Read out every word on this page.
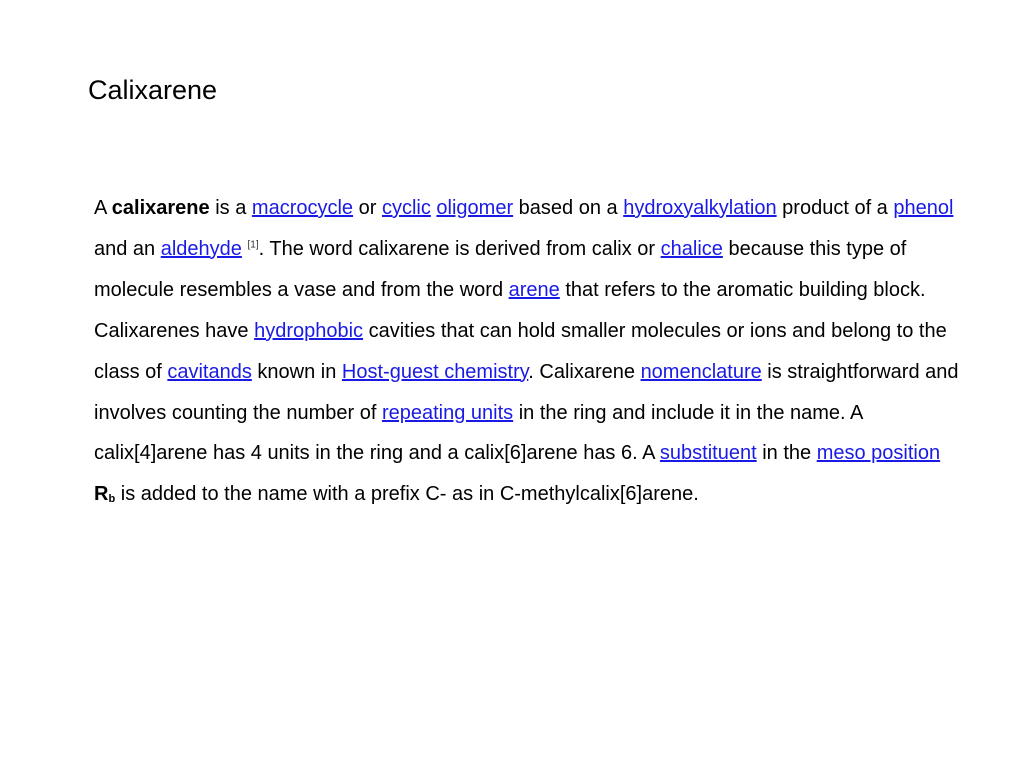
Calixarene

A calixarene is a macrocycle or cyclic oligomer based on a hydroxyalkylation product of a phenol and an aldehyde [1]. The word calixarene is derived from calix or chalice because this type of molecule resembles a vase and from the word arene that refers to the aromatic building block. Calixarenes have hydrophobic cavities that can hold smaller molecules or ions and belong to the class of cavitands known in Host-guest chemistry. Calixarene nomenclature is straightforward and involves counting the number of repeating units in the ring and include it in the name. A calix[4]arene has 4 units in the ring and a calix[6]arene has 6. A substituent in the meso position Rb is added to the name with a prefix C- as in C-methylcalix[6]arene.
